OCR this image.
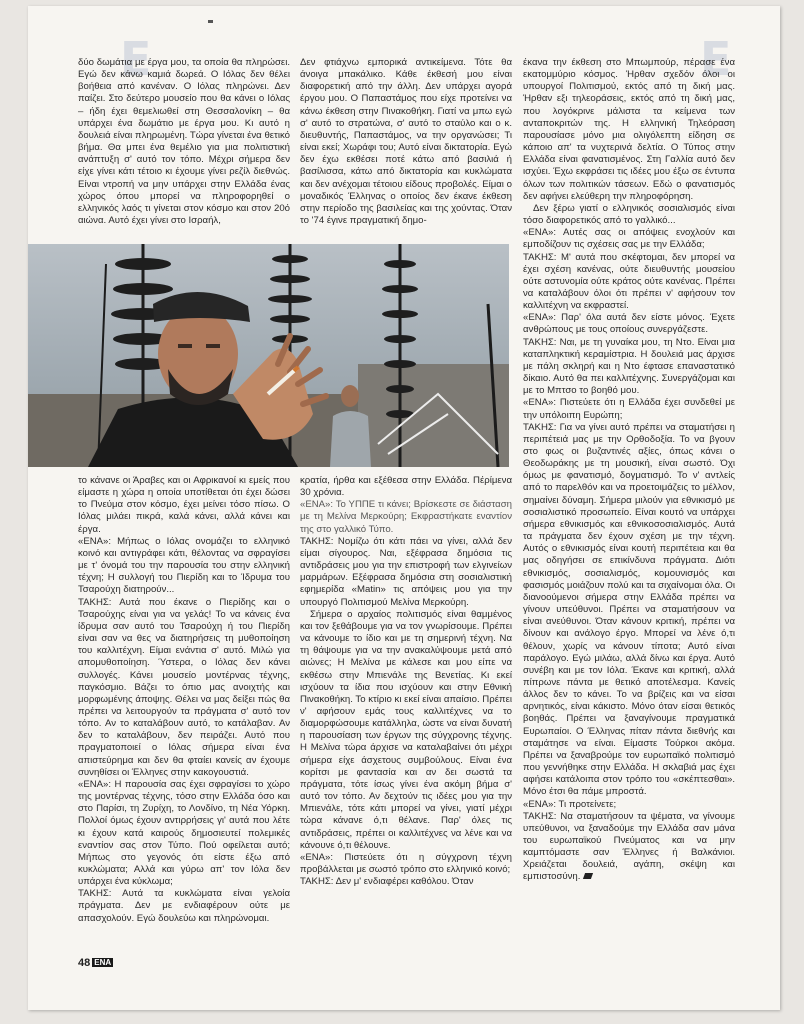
Ε	Ε

δύο δωμάτια με έργα μου, τα οποία θα πληρώσει. Εγώ δεν κάνω καμιά δωρεά. Ο Ιόλας δεν θέλει βοήθεια από κανέναν. Ο Ιόλας πληρώνει. Δεν παίζει. Στο δεύτερο μουσείο που θα κάνει ο Ιόλας – ήδη έχει θεμελιωθεί στη Θεσσαλονίκη – θα υπάρχει ένα δωμάτιο με έργα μου. Κι αυτό η δουλειά είναι πληρωμένη. Τώρα γίνεται ένα θετικό βήμα. Θα μπει ένα θεμέλιο για μια πολιτιστική ανάπτυξη σ' αυτό τον τόπο. Μέχρι σήμερα δεν είχε γίνει κάτι τέτοιο κι έχουμε γίνει ρεζίλ διεθνώς. Είναι ντροπή να μην υπάρχει στην Ελλάδα ένας χώρος όπου μπορεί να πληροφορηθεί ο ελληνικός λαός τι γίνεται στον κόσμο και στον 20ό αιώνα. Αυτό έχει γίνει στο Ισραήλ,

Δεν φτιάχνω εμπορικά αντικείμενα. Τότε θα άνοιγα μπακάλικο. Κάθε έκθεσή μου είναι διαφορετική από την άλλη. Δεν υπάρχει αγορά έργου μου. Ο Παπαστάμος που είχε προτείνει να κάνω έκθεση στην Πινακοθήκη. Γιατί να μπω εγώ σ' αυτό το στρατώνα, σ' αυτό το σταύλο και ο κ. διευθυντής, Παπαστάμος, να την οργανώσει; Τι είναι εκεί; Χωράφι του; Αυτό είναι δικτατορία. Εγώ δεν έχω εκθέσει ποτέ κάτω από βασιλιά ή βασίλισσα, κάτω από δικτατορία και κυκλώματα και δεν ανέχομαι τέτοιου είδους προβολές. Είμαι ο μοναδικός Έλληνας ο οποίος δεν έκανε έκθεση στην περίοδο της βασιλείας και της χούντας. Όταν το '74 έγινε πραγματική δημο-

έκανα την έκθεση στο Μπωμπούρ, πέρασε ένα εκατομμύριο κόσμος. Ήρθαν σχεδόν όλοι οι υπουργοί Πολιτισμού, εκτός από τη δική μας. Ήρθαν εξι τηλεοράσεις, εκτός από τη δική μας, που λογόκρινε μάλιστα τα κείμενα των ανταποκριτών της. Η ελληνική Τηλεόραση παρουσίασε μόνο μια ολιγόλεπτη είδηση σε κάποιο απ' τα νυχτερινά δελτία. Ο Τύπος στην Ελλάδα είναι φανατισμένος. Στη Γαλλία αυτό δεν ισχύει. Έχω εκφράσει τις ιδέες μου έξω σε έντυπα όλων των πολιτικών τάσεων. Εδώ ο φανατισμός δεν αφήνει ελεύθερη την πληροφόρηση.

Δεν ξέρω γιατί ο ελληνικός σοσιαλισμός είναι τόσο διαφορετικός από το γαλλικό...

«ΕΝΑ»: Αυτές σας οι απόψεις ενοχλούν και εμποδίζουν τις σχέσεις σας με την Ελλάδα;

ΤΑΚΗΣ: Μ' αυτά που σκέφτομαι, δεν μπορεί να έχει σχέση κανένας, ούτε διευθυντής μουσείου ούτε αστυνομία ούτε κράτος ούτε κανένας. Πρέπει να καταλάβουν όλοι ότι πρέπει ν' αφήσουν τον καλλιτέχνη να εκφραστεί.

«ΕΝΑ»: Παρ' όλα αυτά δεν είστε μόνος. Έχετε ανθρώπους με τους οποίους συνεργάζεστε.

ΤΑΚΗΣ: Ναι, με τη γυναίκα μου, τη Ντο. Είναι μια καταπληκτική κεραμίστρια. Η δουλειά μας άρχισε με πάλη σκληρή και η Ντο έφτασε επαναστατικό δίκαιο. Αυτό θα πει καλλιτέχνης. Συνεργάζομαι και με το Μπτσο το βοηθό μου.

«ΕΝΑ»: Πιστεύετε ότι η Ελλάδα έχει συνδεθεί με την υπόλοιπη Ευρώπη;

ΤΑΚΗΣ: Για να γίνει αυτό πρέπει να σταματήσει η περιπέτειά μας με την Ορθοδοξία. Το να βγουν στο φως οι βυζαντινές αξίες, όπως κάνει ο Θεοδωράκης με τη μουσική, είναι σωστό. Όχι όμως με φανατισμό, δογματισμό. Το ν' αντλείς από το παρελθόν και να προετοιμάζεις το μέλλον, σημαίνει δύναμη. Σήμερα μιλούν για εθνικισμό με σοσιαλιστικό προσωπείο. Είναι κουτό να υπάρχει σήμερα εθνικισμός και εθνικοσοσιαλισμός. Αυτά τα πράγματα δεν έχουν σχέση με την τέχνη. Αυτός ο εθνικισμός είναι κουτή περιπέτεια και θα μας οδηγήσει σε επικίνδυνα πράγματα. Διότι εθνικισμός, σοσιαλισμός, κομουνισμός και φασισμός μοιάζουν πολύ και τα σιχαίνομαι όλα. Οι διανοούμενοι σήμερα στην Ελλάδα πρέπει να γίνουν υπεύθυνοι. Πρέπει να σταματήσουν να είναι ανεύθυνοι. Όταν κάνουν κριτική, πρέπει να δίνουν και ανάλογο έργο. Μπορεί να λένε ό,τι θέλουν, χωρίς να κάνουν τίποτα; Αυτό είναι παράλογο. Εγώ μιλάω, αλλά δίνω και έργα. Αυτό συνέβη και με τον Ιόλα. Έκανε και κριτική, αλλά πίπρωνε πάντα με θετικό αποτέλεσμα. Κανείς άλλος δεν το κάνει. Το να βρίζεις και να είσαι αρνητικός, είναι κάκιστο. Μόνο όταν είσαι θετικός βοηθάς. Πρέπει να ξαναγίνουμε πραγματικά Ευρωπαίοι. Ο Έλληνας πίταν πάντα διεθνής και σταμάτησε να είναι. Είμαστε Τούρκοι ακόμα. Πρέπει να ξαναβρούμε τον ευρωπαϊκό πολιτισμό που γεννήθηκε στην Ελλάδα. Η σκλαβιά μας έχει αφήσει κατάλοιπα στον τρόπο του «σκέπτεσθαι». Μόνο έτσι θα πάμε μπροστά.

«ΕΝΑ»: Τι προτείνετε;

ΤΑΚΗΣ: Να σταματήσουν τα ψέματα, να γίνουμε υπεύθυνοι, να ξαναδούμε την Ελλάδα σαν μάνα του ευρωπαϊκού Πνεύματος και να μην καμπτόμαστε σαν Έλληνες ή Βαλκάνιοι. Χρειάζεται δουλειά, αγάπη, σκέψη και εμπιστοσύνη.

το κάνανε οι Άραβες και οι Αφρικανοί κι εμείς που είμαστε η χώρα η οποία υποτίθεται ότι έχει δώσει το Πνεύμα στον κόσμο, έχει μείνει τόσο πίσω. Ο Ιόλας μιλάει πικρά, καλά κάνει, αλλά κάνει και έργα.

«ΕΝΑ»: Μήπως ο Ιόλας ονομάζει το ελληνικό κοινό και αντιγράφει κάτι, θέλοντας να σφραγίσει με τ' όνομά του την παρουσία του στην ελληνική τέχνη; Η συλλογή του Πιερίδη και το Ίδρυμα του Τσαρούχη διατηρούν...

ΤΑΚΗΣ: Αυτά που έκανε ο Πιερίδης και ο Τσαρούχης είναι για να γελάς! Το να κάνεις ένα ίδρυμα σαν αυτό του Τσαρούχη ή του Πιερίδη είναι σαν να θες να διατηρήσεις τη μυθοποίηση του καλλιτέχνη. Είμαι ενάντια σ' αυτό. Μιλώ για απομυθοποίηση. Ύστερα, ο Ιόλας δεν κάνει συλλογές. Κάνει μουσείο μοντέρνας τέχνης, παγκόσμιο. Βάζει το όπιο μας ανοιχτής και μορφωμένης άποψης. Θέλει να μας δείξει πώς θα πρέπει να λειτουργούν τα πράγματα σ' αυτό τον τόπο. Αν το καταλάβουν αυτό, το κατάλαβαν. Αν δεν το καταλάβουν, δεν πειράζει. Αυτό που πραγματοποιεί ο Ιόλας σήμερα είναι ένα απιστεύρημα και δεν θα φταίει κανείς αν έχουμε συνηθίσει οι Έλληνες στην κακογουστιά.

«ΕΝΑ»: Η παρουσία σας έχει σφραγίσει το χώρο της μοντέρνας τέχνης, τόσο στην Ελλάδα όσο και στο Παρίσι, τη Ζυρίχη, το Λονδίνο, τη Νέα Υόρκη. Πολλοί όμως έχουν αντιρρήσεις γι' αυτά που λέτε κι έχουν κατά καιρούς δημοσιευτεί πολεμικές εναντίον σας στον Τύπο. Πού οφείλεται αυτό; Μήπως στο γεγονός ότι είστε έξω από κυκλώματα; Αλλά και γύρω απ' τον Ιόλα δεν υπάρχει ένα κύκλωμα;

ΤΑΚΗΣ: Αυτά τα κυκλώματα είναι γελοία πράγματα. Δεν με ενδιαφέρουν ούτε με απασχολούν. Εγώ δουλεύω και πληρώνομαι.

κρατία, ήρθα και εξέθεσα στην Ελλάδα. Πέρίμενα 30 χρόνια.

«ΕΝΑ»: Το ΥΠΠΕ τι κάνει; Βρίσκεστε σε διάσταση με τη Μελίνα Μερκούρη; Εκφραστήκατε εναντίον της στο γαλλικό Τύπο.

ΤΑΚΗΣ: Νομίζω ότι κάτι πάει να γίνει, αλλά δεν είμαι σίγουρος. Ναι, εξέφρασα δημόσια τις αντιδράσεις μου για την επιστροφή των ελγινείων μαρμάρων. Εξέφρασα δημόσια στη σοσιαλιστική εφημερίδα «Matin» τις απόψεις μου για την υπουργό Πολιτισμού Μελίνα Μερκούρη.

Σήμερα ο αρχαίος πολιτισμός είναι θαμμένος και τον ξεθάβουμε για να τον γνωρίσουμε. Πρέπει να κάνουμε το ίδιο και με τη σημερινή τέχνη. Να τη θάψουμε για να την ανακαλύψουμε μετά από αιώνες; Η Μελίνα με κάλεσε και μου είπε να εκθέσω στην Μπιενάλε της Βενετίας. Κι εκεί ισχύουν τα ίδια που ισχύουν και στην Εθνική Πινακοθήκη. Το κτίριο κι εκεί είναι απαίσιο. Πρέπει ν' αφήσουν εμάς τους καλλιτέχνες να το διαμορφώσουμε κατάλληλα, ώστε να είναι δυνατή η παρουσίαση των έργων της σύγχρονης τέχνης. Η Μελίνα τώρα άρχισε να καταλαβαίνει ότι μέχρι σήμερα είχε άσχετους συμβούλους. Είναι ένα κορίτσι με φαντασία και αν δει σωστά τα πράγματα, τότε ίσως γίνει ένα ακόμη βήμα σ' αυτό τον τόπο. Αν δεχτούν τις ιδέες μου για την Μπιενάλε, τότε κάτι μπορεί να γίνει, γιατί μέχρι τώρα κάνανε ό,τι θέλανε. Παρ' όλες τις αντιδράσεις, πρέπει οι καλλιτέχνες να λένε και να κάνουνε ό,τι θέλουνε.

«ΕΝΑ»: Πιστεύετε ότι η σύγχρονη τέχνη προβάλλεται με σωστό τρόπο στο ελληνικό κοινό;

ΤΑΚΗΣ: Δεν μ' ενδιαφέρει καθόλου. Όταν

48 ΕΝΑ
